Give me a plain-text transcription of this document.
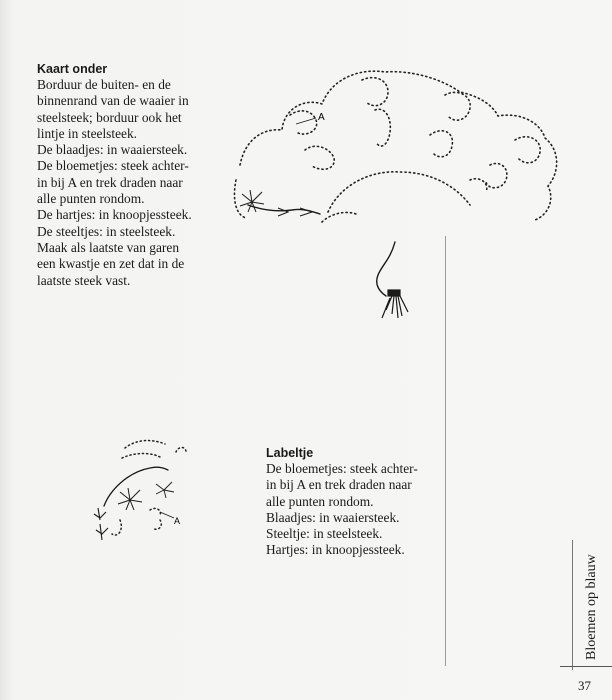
Kaart onder

Borduur de buiten- en de
binnenrand van de waaier in
steelsteek; borduur ook het
lintje in steelsteek.
De blaadjes: in waaiersteek.
De bloemetjes: steek achter-
in bij A en trek draden naar
alle punten rondom.
De hartjes: in knoopjessteek.
De steeltjes: in steelsteek.
Maak als laatste van garen
een kwastje en zet dat in de
laatste steek vast.

Labeltje

De bloemetjes: steek achter-
in bij A en trek draden naar
alle punten rondom.
Blaadjes: in waaiersteek.
Steeltje: in steelsteek.
Hartjes: in knoopjessteek.

A
A
Bloemen op blauw
37
